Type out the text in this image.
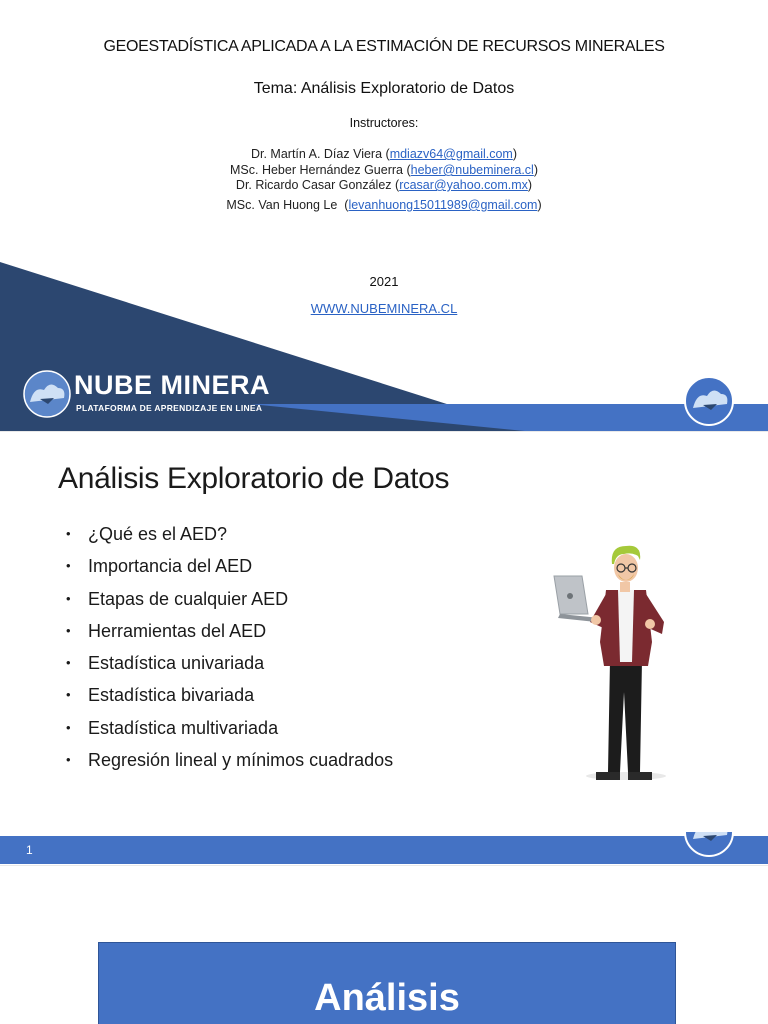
GEOESTADÍSTICA APLICADA A LA ESTIMACIÓN DE RECURSOS MINERALES
Tema: Análisis Exploratorio de Datos
Instructores:
Dr. Martín A. Díaz Viera (mdiazv64@gmail.com)
MSc. Heber Hernández Guerra (heber@nubeminera.cl)
Dr. Ricardo Casar González (rcasar@yahoo.com.mx)
MSc. Van Huong Le  (levanhuong15011989@gmail.com)
2021
WWW.NUBEMINERA.CL
NUBE MINERA
PLATAFORMA DE APRENDIZAJE EN LINEA
Análisis Exploratorio de Datos
• ¿Qué es el AED?
• Importancia del AED
• Etapas de cualquier AED
• Herramientas del AED
• Estadística univariada
• Estadística bivariada
• Estadística multivariada
• Regresión lineal y mínimos cuadrados
1
Análisis
